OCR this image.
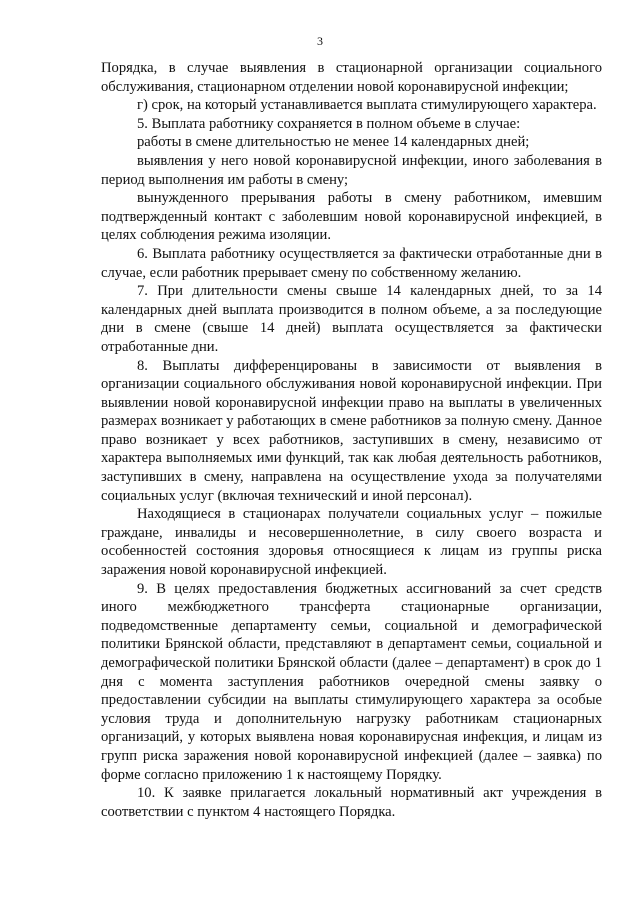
3

Порядка, в случае выявления в стационарной организации социального обслуживания, стационарном отделении новой коронавирусной инфекции;

г) срок, на который устанавливается выплата стимулирующего характера.

5. Выплата работнику сохраняется в полном объеме в случае:

работы в смене длительностью не менее 14 календарных дней;

выявления у него новой коронавирусной инфекции, иного заболевания в период выполнения им работы в смену;

вынужденного прерывания работы в смену работником, имевшим подтвержденный контакт с заболевшим новой коронавирусной инфекцией, в целях соблюдения режима изоляции.

6. Выплата работнику осуществляется за фактически отработанные дни в случае, если работник прерывает смену по собственному желанию.

7. При длительности смены свыше 14 календарных дней, то за 14 календарных дней выплата производится в полном объеме, а за последующие дни в смене (свыше 14 дней) выплата осуществляется за фактически отработанные дни.

8. Выплаты дифференцированы в зависимости от выявления в организации социального обслуживания новой коронавирусной инфекции. При выявлении новой коронавирусной инфекции право на выплаты в увеличенных размерах возникает у работающих в смене работников за полную смену. Данное право возникает у всех работников, заступивших в смену, независимо от характера выполняемых ими функций, так как любая деятельность работников, заступивших в смену, направлена на осуществление ухода за получателями социальных услуг (включая технический и иной персонал).

Находящиеся в стационарах получатели социальных услуг – пожилые граждане, инвалиды и несовершеннолетние, в силу своего возраста и особенностей состояния здоровья относящиеся к лицам из группы риска заражения новой коронавирусной инфекцией.

9. В целях предоставления бюджетных ассигнований за счет средств иного межбюджетного трансферта стационарные организации, подведомственные департаменту семьи, социальной и демографической политики Брянской области, представляют в департамент семьи, социальной и демографической политики Брянской области (далее – департамент) в срок до 1 дня с момента заступления работников очередной смены заявку о предоставлении субсидии на выплаты стимулирующего характера за особые условия труда и дополнительную нагрузку работникам стационарных организаций, у которых выявлена новая коронавирусная инфекция, и лицам из групп риска заражения новой коронавирусной инфекцией (далее – заявка) по форме согласно приложению 1 к настоящему Порядку.

10. К заявке прилагается локальный нормативный акт учреждения в соответствии с пунктом 4 настоящего Порядка.
